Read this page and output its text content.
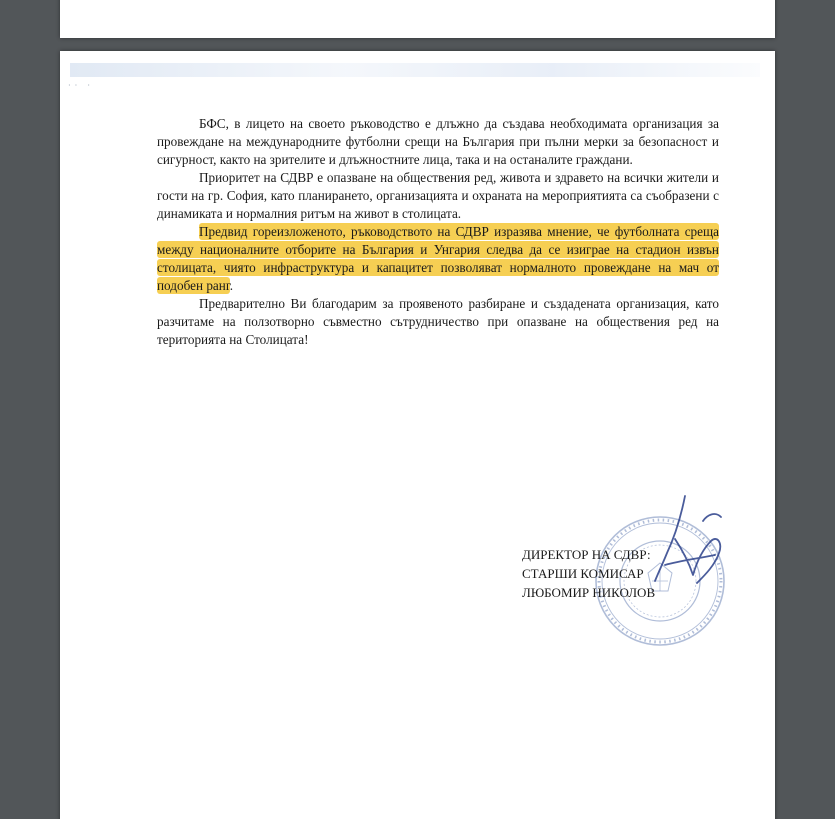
·· ·

БФС, в лицето на своето ръководство е длъжно да създава необходимата организация за провеждане на международните футболни срещи на България при пълни мерки за безопасност и сигурност, както на зрителите и длъжностните лица, така и на останалите граждани.

Приоритет на СДВР е опазване на обществения ред, живота и здравето на всички жители и гости на гр. София, като планирането, организацията и охраната на мероприятията са съобразени с динамиката и нормалния ритъм на живот в столицата.

Предвид гореизложеното, ръководството на СДВР изразява мнение, че футболната среща между националните отборите на България и Унгария следва да се изиграе на стадион извън столицата, чиято инфраструктура и капацитет позволяват нормалното провеждане на мач от подобен ранг.

Предварително Ви благодарим за проявеното разбиране и създадената организация, като разчитаме на ползотворно съвместно сътрудничество при опазване на обществения ред на територията на Столицата!

ДИРЕКТОР НА СДВР:
СТАРШИ КОМИСАР
ЛЮБОМИР НИКОЛОВ
